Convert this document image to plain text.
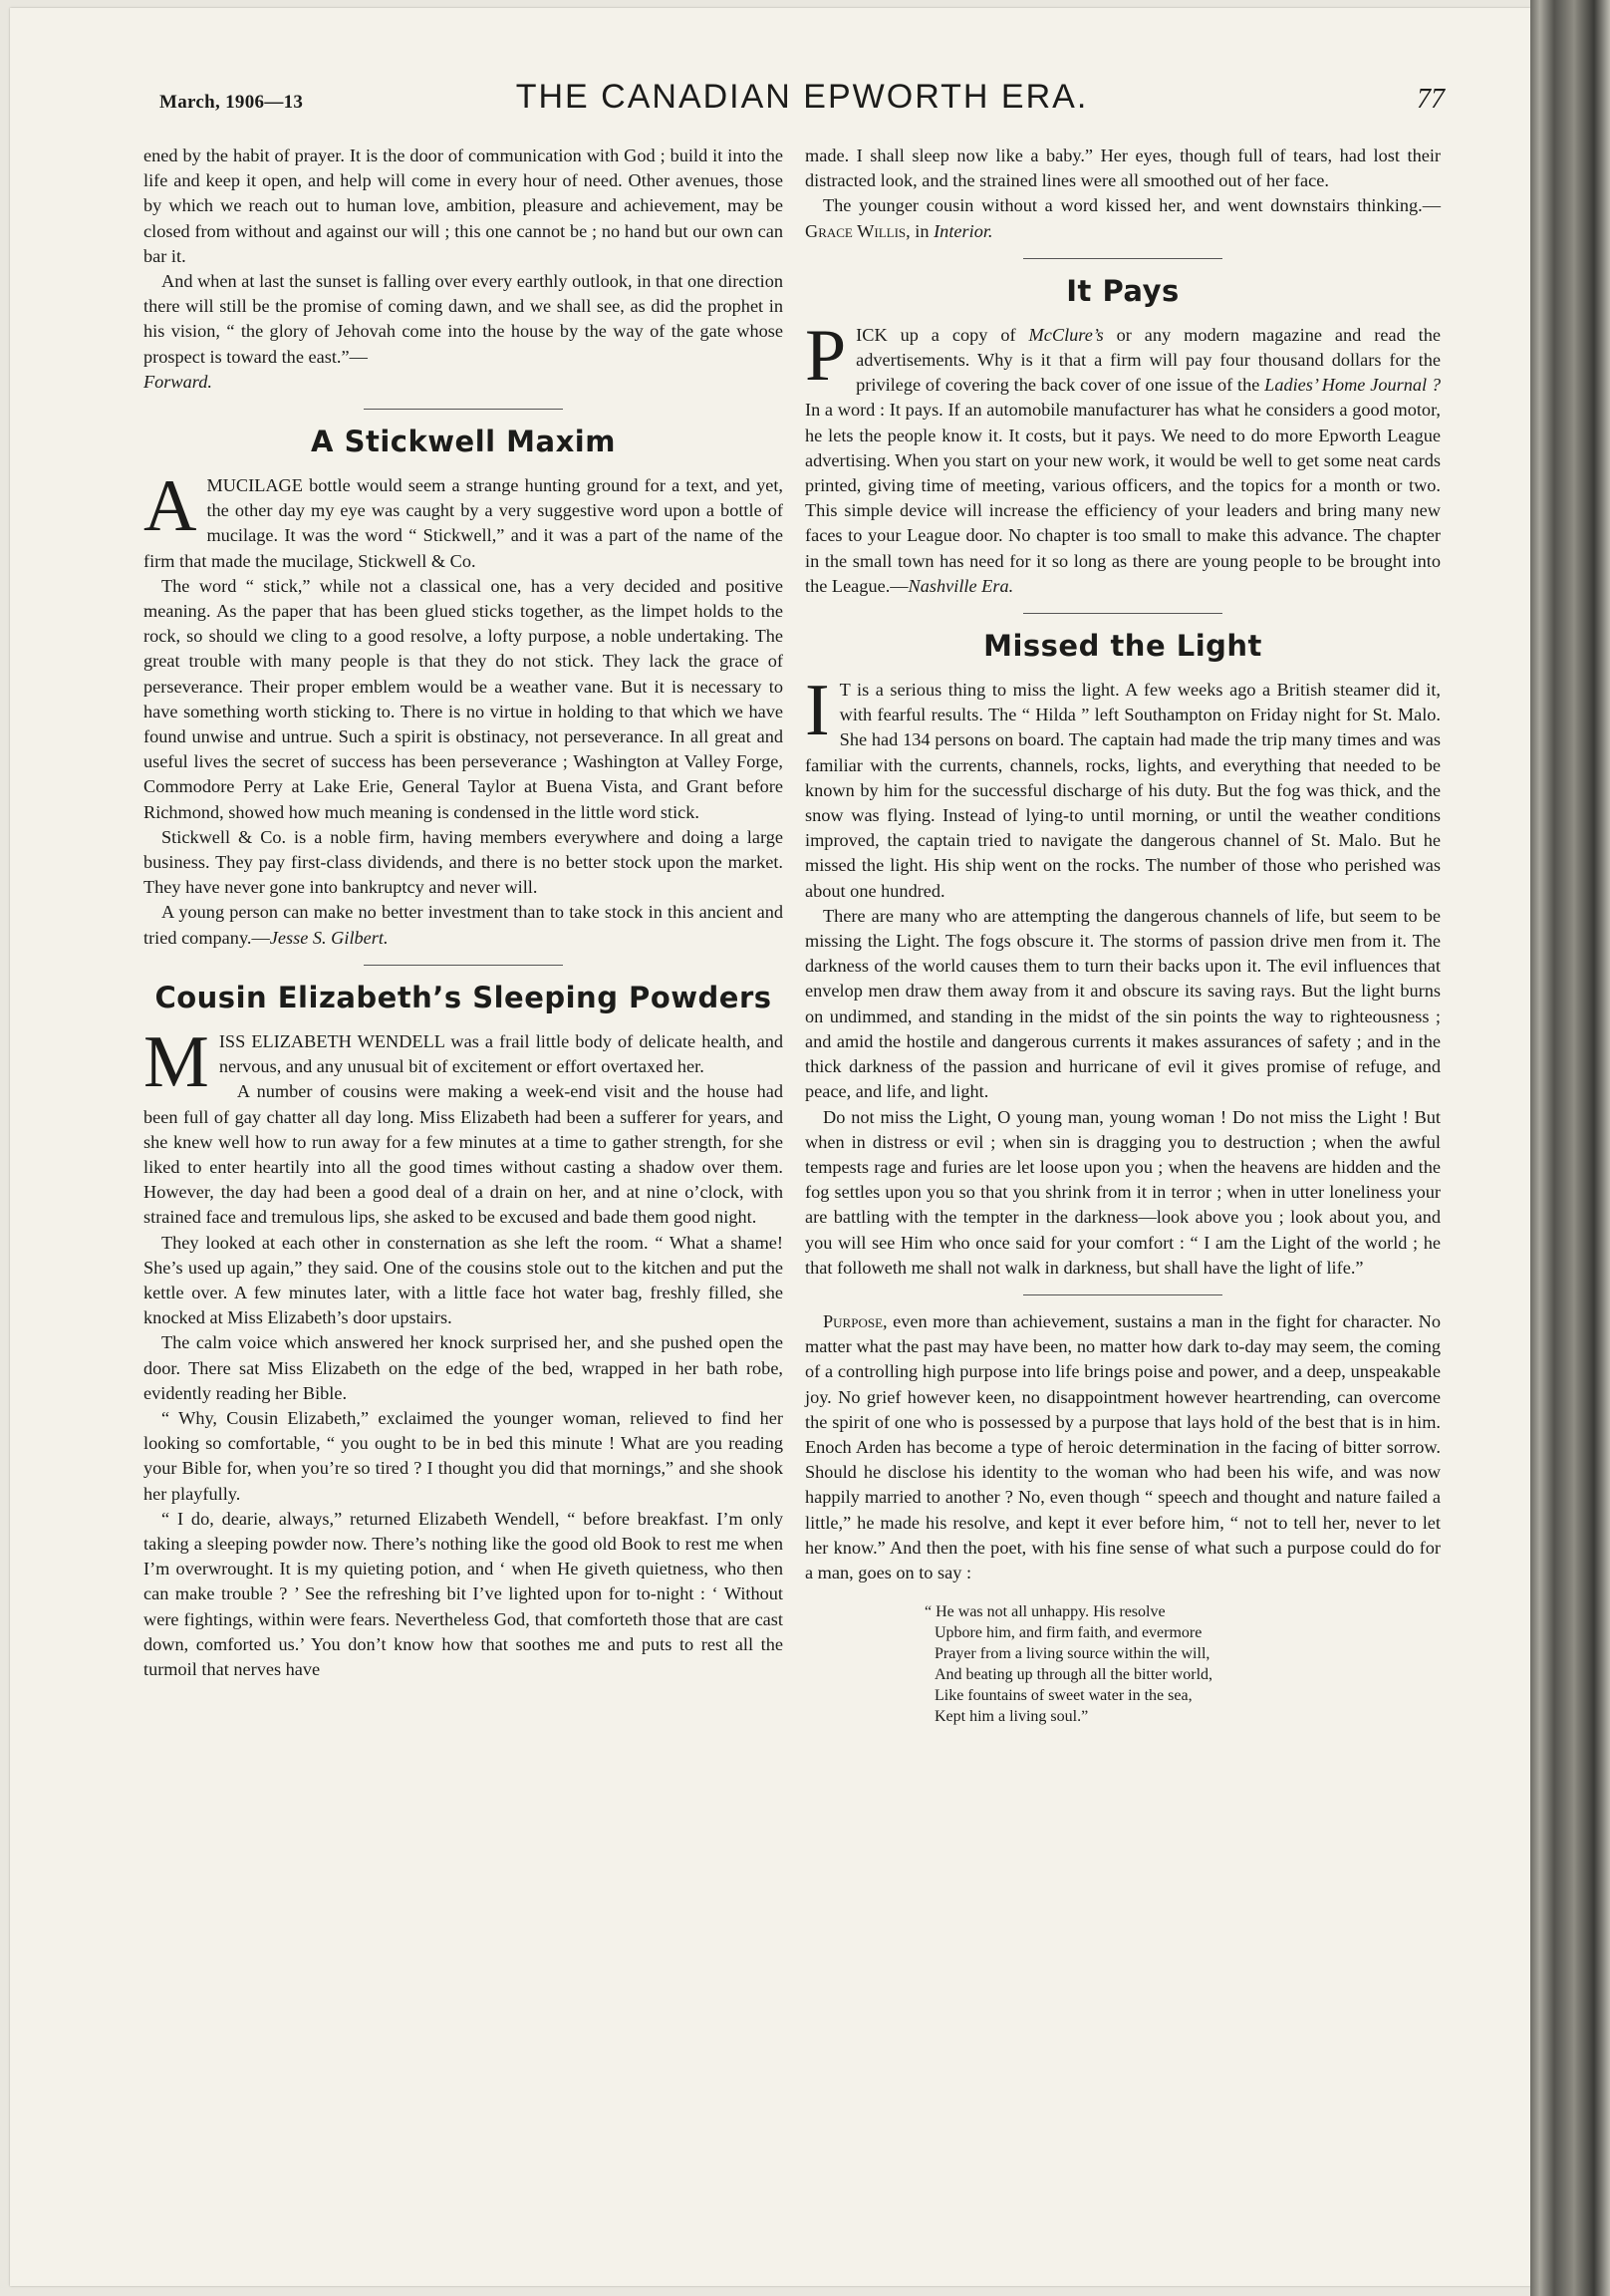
March, 1906—13	THE CANADIAN EPWORTH ERA.	77

ened by the habit of prayer. It is the door of communication with God ; build it into the life and keep it open, and help will come in every hour of need. Other avenues, those by which we reach out to human love, ambition, pleasure and achievement, may be closed from without and against our will ; this one cannot be ; no hand but our own can bar it.

And when at last the sunset is falling over every earthly outlook, in that one direction there will still be the promise of coming dawn, and we shall see, as did the prophet in his vision, “ the glory of Jehovah come into the house by the way of the gate whose prospect is toward the east.”—
Forward.

A Stickwell Maxim

AMUCILAGE bottle would seem a strange hunting ground for a text, and yet, the other day my eye was caught by a very suggestive word upon a bottle of mucilage. It was the word “ Stickwell,” and it was a part of the name of the firm that made the mucilage, Stickwell & Co.

The word “ stick,” while not a classical one, has a very decided and positive meaning. As the paper that has been glued sticks together, as the limpet holds to the rock, so should we cling to a good resolve, a lofty purpose, a noble undertaking. The great trouble with many people is that they do not stick. They lack the grace of perseverance. Their proper emblem would be a weather vane. But it is necessary to have something worth sticking to. There is no virtue in holding to that which we have found unwise and untrue. Such a spirit is obstinacy, not perseverance. In all great and useful lives the secret of success has been perseverance ; Washington at Valley Forge, Commodore Perry at Lake Erie, General Taylor at Buena Vista, and Grant before Richmond, showed how much meaning is condensed in the little word stick.

Stickwell & Co. is a noble firm, having members everywhere and doing a large business. They pay first-class dividends, and there is no better stock upon the market. They have never gone into bankruptcy and never will.

A young person can make no better investment than to take stock in this ancient and tried company.—Jesse S. Gilbert.

Cousin Elizabeth’s Sleeping Powders

MISS ELIZABETH WENDELL was a frail little body of delicate health, and nervous, and any unusual bit of excitement or effort overtaxed her.

A number of cousins were making a week-end visit and the house had been full of gay chatter all day long. Miss Elizabeth had been a sufferer for years, and she knew well how to run away for a few minutes at a time to gather strength, for she liked to enter heartily into all the good times without casting a shadow over them. However, the day had been a good deal of a drain on her, and at nine o’clock, with strained face and tremulous lips, she asked to be excused and bade them good night.

They looked at each other in consternation as she left the room. “ What a shame! She’s used up again,” they said. One of the cousins stole out to the kitchen and put the kettle over. A few minutes later, with a little face hot water bag, freshly filled, she knocked at Miss Elizabeth’s door upstairs.

The calm voice which answered her knock surprised her, and she pushed open the door. There sat Miss Elizabeth on the edge of the bed, wrapped in her bath robe, evidently reading her Bible.

“ Why, Cousin Elizabeth,” exclaimed the younger woman, relieved to find her looking so comfortable, “ you ought to be in bed this minute ! What are you reading your Bible for, when you’re so tired ? I thought you did that mornings,” and she shook her playfully.

“ I do, dearie, always,” returned Elizabeth Wendell, “ before breakfast. I’m only taking a sleeping powder now. There’s nothing like the good old Book to rest me when I’m overwrought. It is my quieting potion, and ‘ when He giveth quietness, who then can make trouble ? ’ See the refreshing bit I’ve lighted upon for to-night : ‘ Without were fightings, within were fears. Nevertheless God, that comforteth those that are cast down, comforted us.’ You don’t know how that soothes me and puts to rest all the turmoil that nerves have

made. I shall sleep now like a baby.” Her eyes, though full of tears, had lost their distracted look, and the strained lines were all smoothed out of her face.

The younger cousin without a word kissed her, and went downstairs thinking.—Grace Willis, in Interior.

It Pays

PICK up a copy of McClure’s or any modern magazine and read the advertisements. Why is it that a firm will pay four thousand dollars for the privilege of covering the back cover of one issue of the Ladies’ Home Journal ? In a word : It pays. If an automobile manufacturer has what he considers a good motor, he lets the people know it. It costs, but it pays. We need to do more Epworth League advertising. When you start on your new work, it would be well to get some neat cards printed, giving time of meeting, various officers, and the topics for a month or two. This simple device will increase the efficiency of your leaders and bring many new faces to your League door. No chapter is too small to make this advance. The chapter in the small town has need for it so long as there are young people to be brought into the League.—Nashville Era.

Missed the Light

I T is a serious thing to miss the light. A few weeks ago a British steamer did it, with fearful results. The “ Hilda ” left Southampton on Friday night for St. Malo. She had 134 persons on board. The captain had made the trip many times and was familiar with the currents, channels, rocks, lights, and everything that needed to be known by him for the successful discharge of his duty. But the fog was thick, and the snow was flying. Instead of lying-to until morning, or until the weather conditions improved, the captain tried to navigate the dangerous channel of St. Malo. But he missed the light. His ship went on the rocks. The number of those who perished was about one hundred.

There are many who are attempting the dangerous channels of life, but seem to be missing the Light. The fogs obscure it. The storms of passion drive men from it. The darkness of the world causes them to turn their backs upon it. The evil influences that envelop men draw them away from it and obscure its saving rays. But the light burns on undimmed, and standing in the midst of the sin points the way to righteousness ; and amid the hostile and dangerous currents it makes assurances of safety ; and in the thick darkness of the passion and hurricane of evil it gives promise of refuge, and peace, and life, and light.

Do not miss the Light, O young man, young woman ! Do not miss the Light ! But when in distress or evil ; when sin is dragging you to destruction ; when the awful tempests rage and furies are let loose upon you ; when the heavens are hidden and the fog settles upon you so that you shrink from it in terror ; when in utter loneliness your are battling with the tempter in the darkness—look above you ; look about you, and you will see Him who once said for your comfort : “ I am the Light of the world ; he that followeth me shall not walk in darkness, but shall have the light of life.”

Purpose, even more than achievement, sustains a man in the fight for character. No matter what the past may have been, no matter how dark to-day may seem, the coming of a controlling high purpose into life brings poise and power, and a deep, unspeakable joy. No grief however keen, no disappointment however heartrending, can overcome the spirit of one who is possessed by a purpose that lays hold of the best that is in him. Enoch Arden has become a type of heroic determination in the facing of bitter sorrow. Should he disclose his identity to the woman who had been his wife, and was now happily married to another ? No, even though “ speech and thought and nature failed a little,” he made his resolve, and kept it ever before him, “ not to tell her, never to let her know.” And then the poet, with his fine sense of what such a purpose could do for a man, goes on to say :

“ He was not all unhappy. His resolve
Upbore him, and firm faith, and evermore
Prayer from a living source within the will,
And beating up through all the bitter world,
Like fountains of sweet water in the sea,
Kept him a living soul.”
